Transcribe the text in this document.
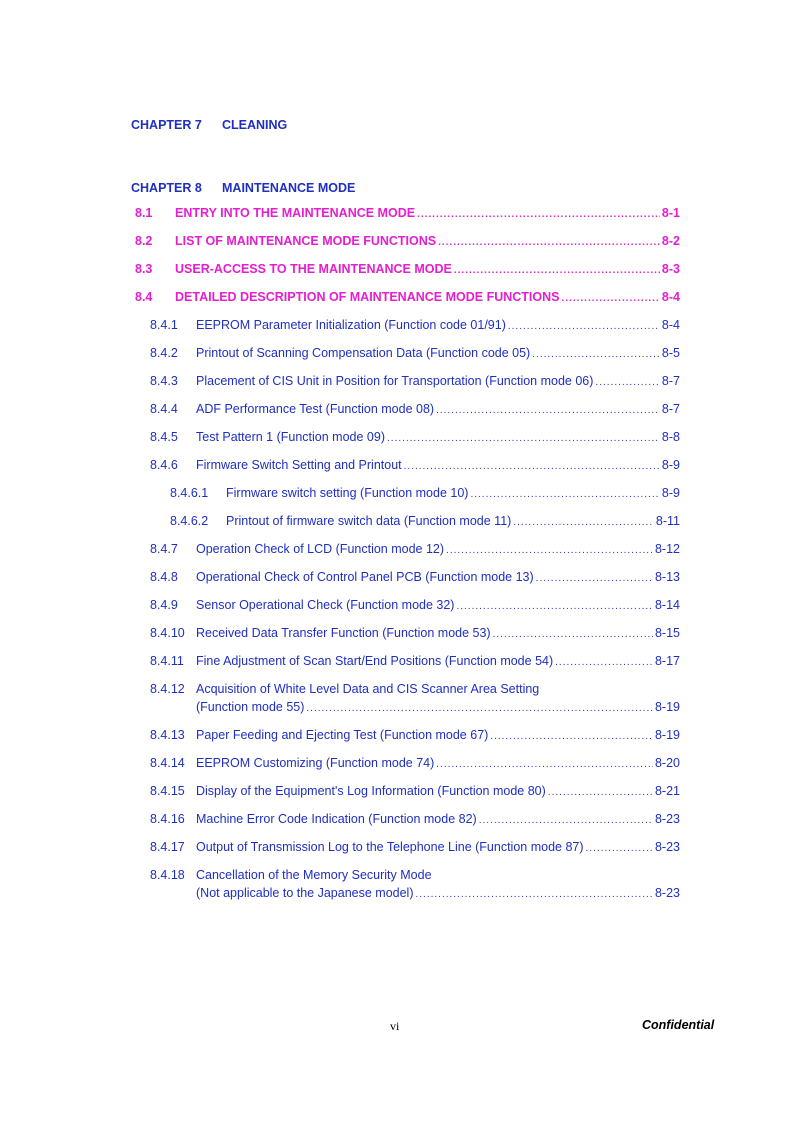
CHAPTER 7 CLEANING
CHAPTER 8 MAINTENANCE MODE
8.1	ENTRY INTO THE MAINTENANCE MODE .....	8-1
8.2	LIST OF MAINTENANCE MODE FUNCTIONS .....	8-2
8.3	USER-ACCESS TO THE MAINTENANCE MODE .....	8-3
8.4	DETAILED DESCRIPTION OF MAINTENANCE MODE FUNCTIONS .....	8-4
8.4.1	EEPROM Parameter Initialization (Function code 01/91) .....	8-4
8.4.2	Printout of Scanning Compensation Data (Function code 05) .....	8-5
8.4.3	Placement of CIS Unit in Position for Transportation (Function mode 06) .....	8-7
8.4.4	ADF Performance Test (Function mode 08) .....	8-7
8.4.5	Test Pattern 1 (Function mode 09) .....	8-8
8.4.6	Firmware Switch Setting and Printout .....	8-9
8.4.6.1	Firmware switch setting (Function mode 10) .....	8-9
8.4.6.2	Printout of firmware switch data (Function mode 11) .....	8-11
8.4.7	Operation Check of LCD (Function mode 12) .....	8-12
8.4.8	Operational Check of Control Panel PCB (Function mode 13) .....	8-13
8.4.9	Sensor Operational Check (Function mode 32) .....	8-14
8.4.10 Received Data Transfer Function (Function mode 53) .....	8-15
8.4.11 Fine Adjustment of Scan Start/End Positions (Function mode 54) .....	8-17
8.4.12 Acquisition of White Level Data and CIS Scanner Area Setting
(Function mode 55) .....	8-19
8.4.13 Paper Feeding and Ejecting Test (Function mode 67) .....	8-19
8.4.14 EEPROM Customizing (Function mode 74) .....	8-20
8.4.15 Display of the Equipment's Log Information (Function mode 80) .....	8-21
8.4.16 Machine Error Code Indication (Function mode 82) .....	8-23
8.4.17 Output of Transmission Log to the Telephone Line (Function mode 87) .....	8-23
8.4.18 Cancellation of the Memory Security Mode
(Not applicable to the Japanese model) .....	8-23
vi	Confidential
